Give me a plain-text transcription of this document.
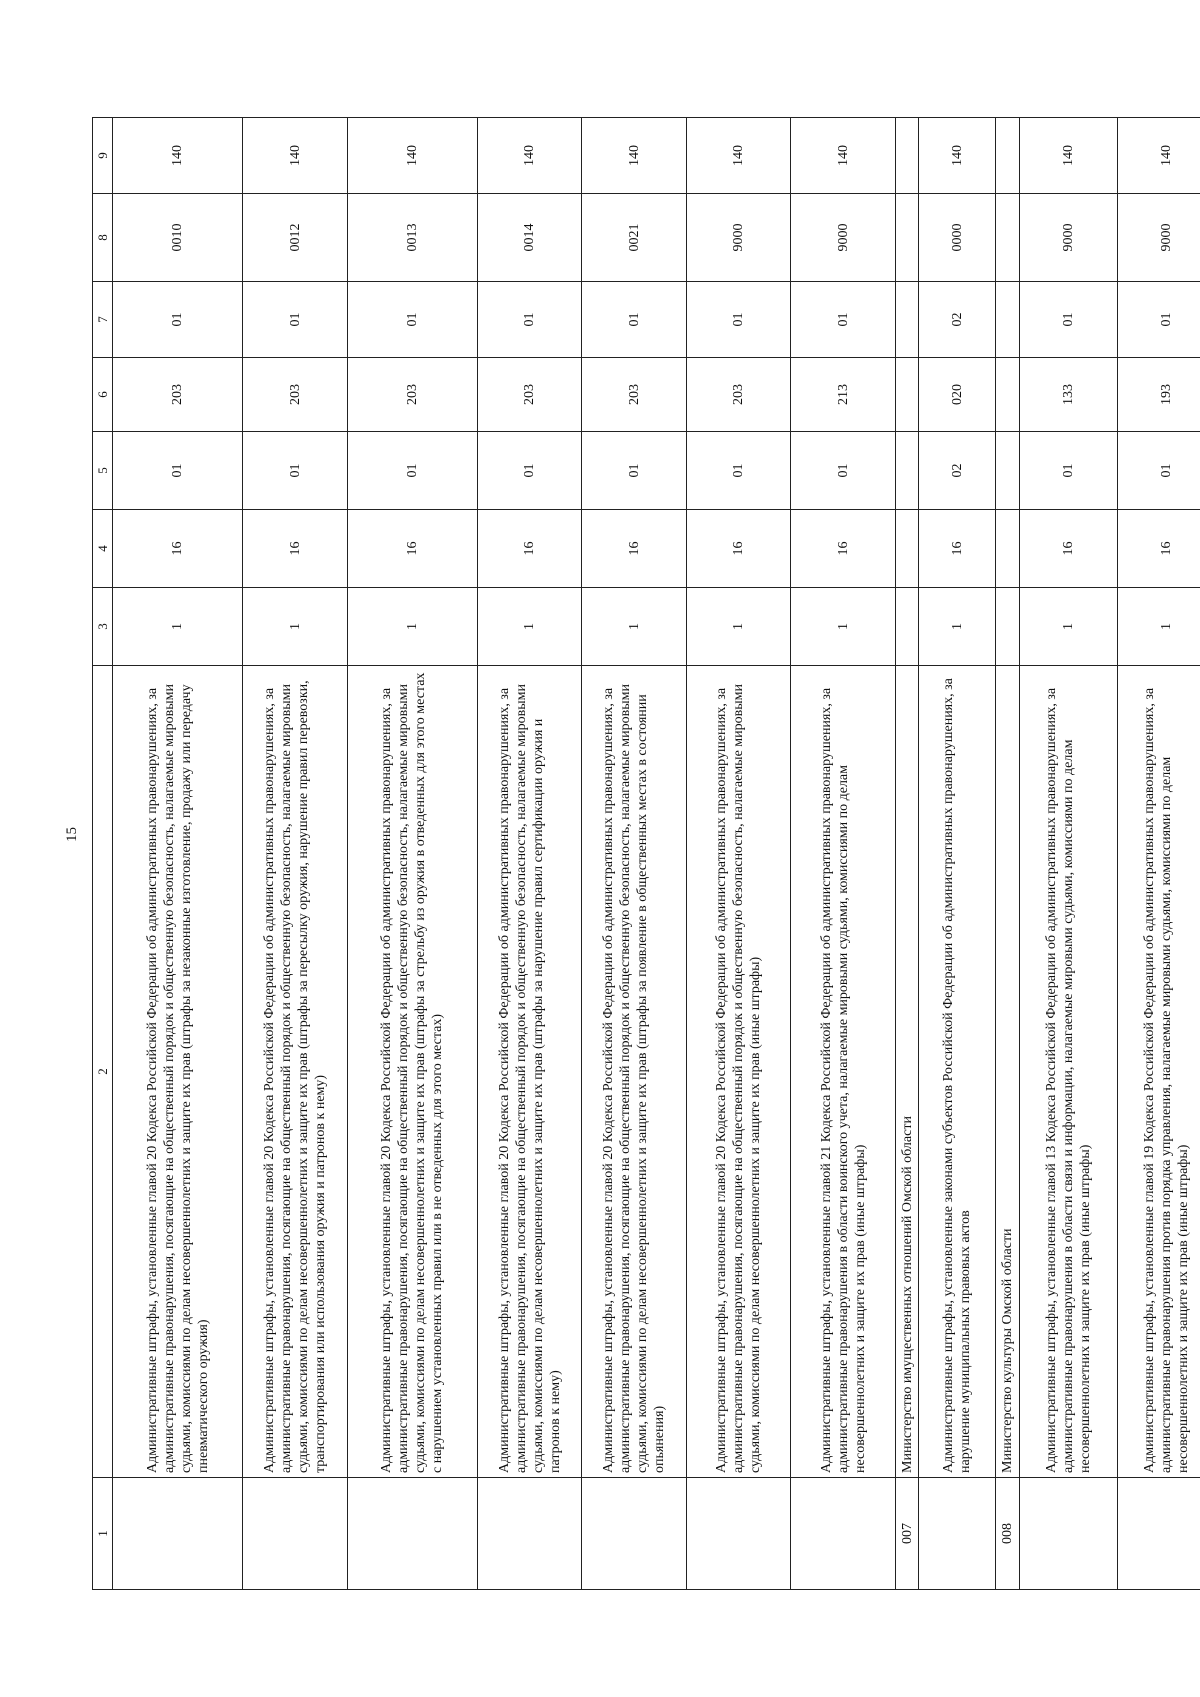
15
1	2	3	4	5	6	7	8	9
	Административные штрафы, установленные главой 20 Кодекса Российской Федерации об административных правонарушениях, за административные правонарушения, посягающие на общественный порядок и общественную безопасность, налагаемые мировыми судьями, комиссиями по делам несовершеннолетних и защите их прав (штрафы за незаконные изготовление, продажу или передачу пневматического оружия)	1	16	01	203	01	0010	140
	Административные штрафы, установленные главой 20 Кодекса Российской Федерации об административных правонарушениях, за административные правонарушения, посягающие на общественный порядок и общественную безопасность, налагаемые мировыми судьями, комиссиями по делам несовершеннолетних и защите их прав (штрафы за пересылку оружия, нарушение правил перевозки, транспортирования или использования оружия и патронов к нему)	1	16	01	203	01	0012	140
	Административные штрафы, установленные главой 20 Кодекса Российской Федерации об административных правонарушениях, за административные правонарушения, посягающие на общественный порядок и общественную безопасность, налагаемые мировыми судьями, комиссиями по делам несовершеннолетних и защите их прав (штрафы за стрельбу из оружия в отведенных для этого местах с нарушением установленных правил или в не отведенных для этого местах)	1	16	01	203	01	0013	140
	Административные штрафы, установленные главой 20 Кодекса Российской Федерации об административных правонарушениях, за административные правонарушения, посягающие на общественный порядок и общественную безопасность, налагаемые мировыми судьями, комиссиями по делам несовершеннолетних и защите их прав (штрафы за нарушение правил сертификации оружия и патронов к нему)	1	16	01	203	01	0014	140
	Административные штрафы, установленные главой 20 Кодекса Российской Федерации об административных правонарушениях, за административные правонарушения, посягающие на общественный порядок и общественную безопасность, налагаемые мировыми судьями, комиссиями по делам несовершеннолетних и защите их прав (штрафы за появление в общественных местах в состоянии опьянения)	1	16	01	203	01	0021	140
	Административные штрафы, установленные главой 20 Кодекса Российской Федерации об административных правонарушениях, за административные правонарушения, посягающие на общественный порядок и общественную безопасность, налагаемые мировыми судьями, комиссиями по делам несовершеннолетних и защите их прав (иные штрафы)	1	16	01	203	01	9000	140
	Административные штрафы, установленные главой 21 Кодекса Российской Федерации об административных правонарушениях, за административные правонарушения в области воинского учета, налагаемые мировыми судьями, комиссиями по делам несовершеннолетних и защите их прав (иные штрафы)	1	16	01	213	01	9000	140
007	Министерство имущественных отношений Омской области							
	Административные штрафы, установленные законами субъектов Российской Федерации об административных правонарушениях, за нарушение муниципальных правовых актов	1	16	02	020	02	0000	140
008	Министерство культуры Омской области							
	Административные штрафы, установленные главой 13 Кодекса Российской Федерации об административных правонарушениях, за административные правонарушения в области связи и информации, налагаемые мировыми судьями, комиссиями по делам несовершеннолетних и защите их прав (иные штрафы)	1	16	01	133	01	9000	140
	Административные штрафы, установленные главой 19 Кодекса Российской Федерации об административных правонарушениях, за административные правонарушения против порядка управления, налагаемые мировыми судьями, комиссиями по делам несовершеннолетних и защите их прав (иные штрафы)	1	16	01	193	01	9000	140
